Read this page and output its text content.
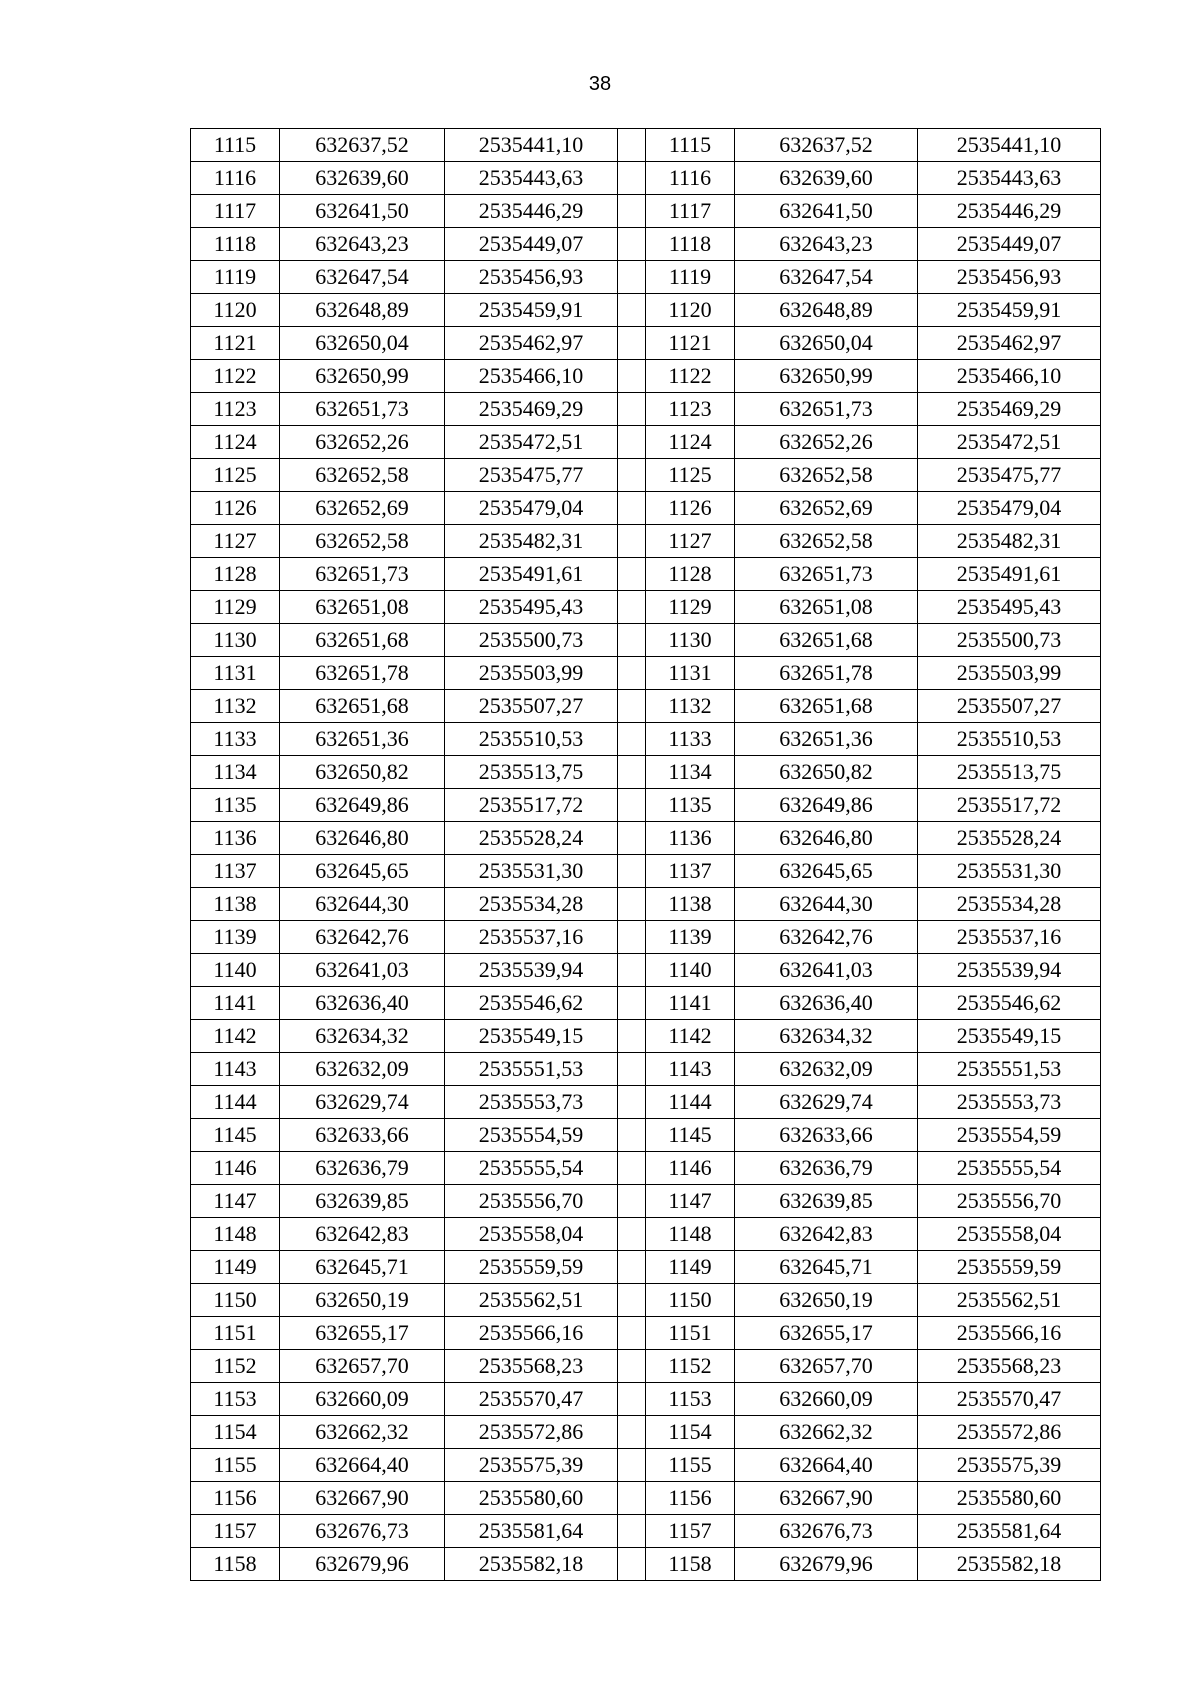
38
1115	632637,52	2535441,10		1115	632637,52	2535441,10
1116	632639,60	2535443,63		1116	632639,60	2535443,63
1117	632641,50	2535446,29		1117	632641,50	2535446,29
1118	632643,23	2535449,07		1118	632643,23	2535449,07
1119	632647,54	2535456,93		1119	632647,54	2535456,93
1120	632648,89	2535459,91		1120	632648,89	2535459,91
1121	632650,04	2535462,97		1121	632650,04	2535462,97
1122	632650,99	2535466,10		1122	632650,99	2535466,10
1123	632651,73	2535469,29		1123	632651,73	2535469,29
1124	632652,26	2535472,51		1124	632652,26	2535472,51
1125	632652,58	2535475,77		1125	632652,58	2535475,77
1126	632652,69	2535479,04		1126	632652,69	2535479,04
1127	632652,58	2535482,31		1127	632652,58	2535482,31
1128	632651,73	2535491,61		1128	632651,73	2535491,61
1129	632651,08	2535495,43		1129	632651,08	2535495,43
1130	632651,68	2535500,73		1130	632651,68	2535500,73
1131	632651,78	2535503,99		1131	632651,78	2535503,99
1132	632651,68	2535507,27		1132	632651,68	2535507,27
1133	632651,36	2535510,53		1133	632651,36	2535510,53
1134	632650,82	2535513,75		1134	632650,82	2535513,75
1135	632649,86	2535517,72		1135	632649,86	2535517,72
1136	632646,80	2535528,24		1136	632646,80	2535528,24
1137	632645,65	2535531,30		1137	632645,65	2535531,30
1138	632644,30	2535534,28		1138	632644,30	2535534,28
1139	632642,76	2535537,16		1139	632642,76	2535537,16
1140	632641,03	2535539,94		1140	632641,03	2535539,94
1141	632636,40	2535546,62		1141	632636,40	2535546,62
1142	632634,32	2535549,15		1142	632634,32	2535549,15
1143	632632,09	2535551,53		1143	632632,09	2535551,53
1144	632629,74	2535553,73		1144	632629,74	2535553,73
1145	632633,66	2535554,59		1145	632633,66	2535554,59
1146	632636,79	2535555,54		1146	632636,79	2535555,54
1147	632639,85	2535556,70		1147	632639,85	2535556,70
1148	632642,83	2535558,04		1148	632642,83	2535558,04
1149	632645,71	2535559,59		1149	632645,71	2535559,59
1150	632650,19	2535562,51		1150	632650,19	2535562,51
1151	632655,17	2535566,16		1151	632655,17	2535566,16
1152	632657,70	2535568,23		1152	632657,70	2535568,23
1153	632660,09	2535570,47		1153	632660,09	2535570,47
1154	632662,32	2535572,86		1154	632662,32	2535572,86
1155	632664,40	2535575,39		1155	632664,40	2535575,39
1156	632667,90	2535580,60		1156	632667,90	2535580,60
1157	632676,73	2535581,64		1157	632676,73	2535581,64
1158	632679,96	2535582,18		1158	632679,96	2535582,18
